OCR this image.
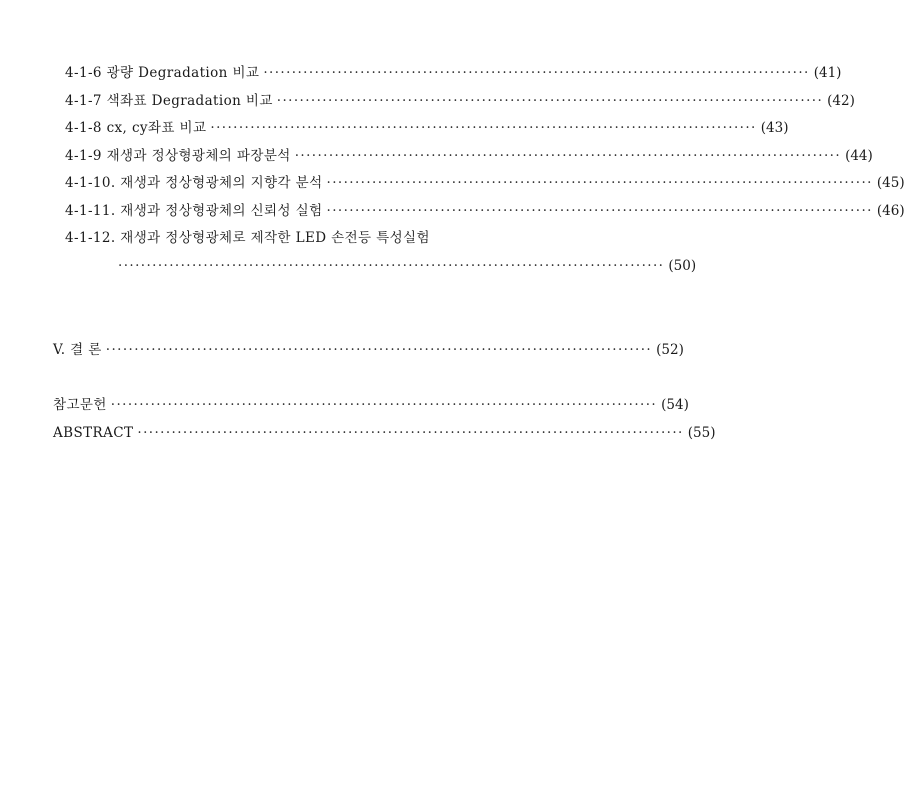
4-1-6 광량 Degradation 비교 ································································································ (41)
4-1-7 색좌표 Degradation 비교 ································································································ (42)
4-1-8 cx, cy좌표 비교 ································································································ (43)
4-1-9 재생과 정상형광체의 파장분석 ································································································ (44)
4-1-10. 재생과 정상형광체의 지향각 분석 ································································································ (45)
4-1-11. 재생과 정상형광체의 신뢰성 실험 ································································································ (46)
4-1-12. 재생과 정상형광체로 제작한 LED 손전등 특성실험
································································································ (50)
V. 결 론 ································································································ (52)
참고문헌 ································································································ (54)
ABSTRACT ································································································ (55)
